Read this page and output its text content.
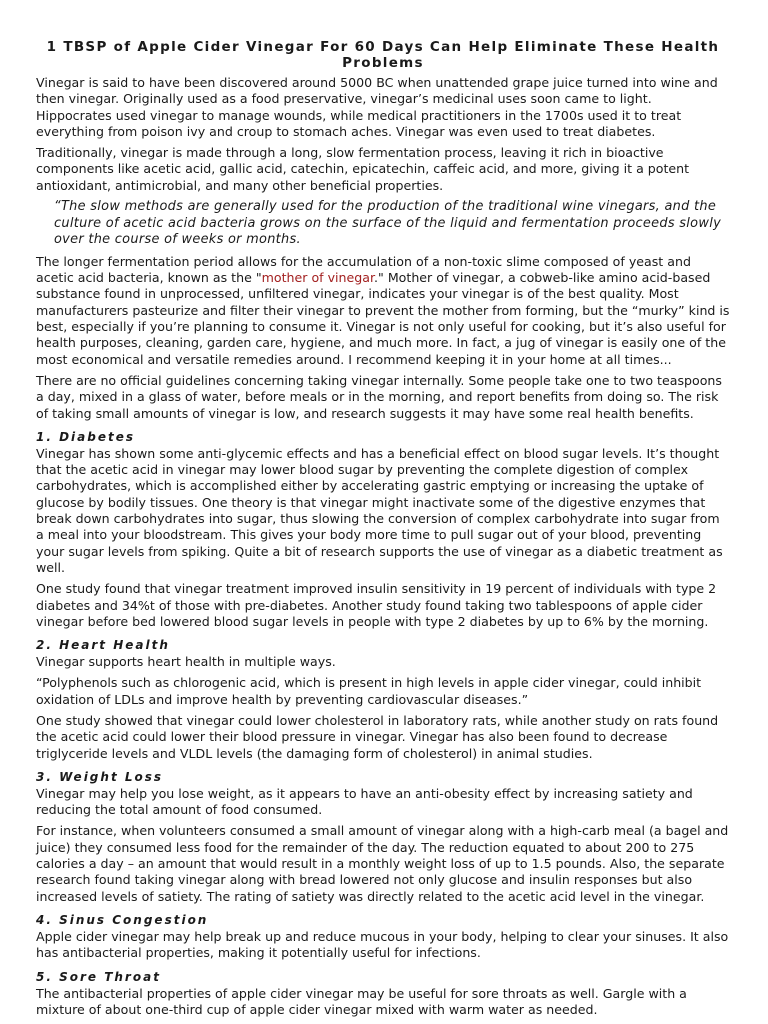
1 TBSP of Apple Cider Vinegar For 60 Days Can Help Eliminate These Health Problems

Vinegar is said to have been discovered around 5000 BC when unattended grape juice turned into wine and then vinegar. Originally used as a food preservative, vinegar’s medicinal uses soon came to light. Hippocrates used vinegar to manage wounds, while medical practitioners in the 1700s used it to treat everything from poison ivy and croup to stomach aches. Vinegar was even used to treat diabetes.

Traditionally, vinegar is made through a long, slow fermentation process, leaving it rich in bioactive components like acetic acid, gallic acid, catechin, epicatechin, caffeic acid, and more, giving it a potent antioxidant, antimicrobial, and many other beneficial properties.

“The slow methods are generally used for the production of the traditional wine vinegars, and the culture of acetic acid bacteria grows on the surface of the liquid and fermentation proceeds slowly over the course of weeks or months.

The longer fermentation period allows for the accumulation of a non-toxic slime composed of yeast and acetic acid bacteria, known as the "mother of vinegar." Mother of vinegar, a cobweb-like amino acid-based substance found in unprocessed, unfiltered vinegar, indicates your vinegar is of the best quality. Most manufacturers pasteurize and filter their vinegar to prevent the mother from forming, but the “murky” kind is best, especially if you’re planning to consume it. Vinegar is not only useful for cooking, but it’s also useful for health purposes, cleaning, garden care, hygiene, and much more. In fact, a jug of vinegar is easily one of the most economical and versatile remedies around. I recommend keeping it in your home at all times...

There are no official guidelines concerning taking vinegar internally. Some people take one to two teaspoons a day, mixed in a glass of water, before meals or in the morning, and report benefits from doing so. The risk of taking small amounts of vinegar is low, and research suggests it may have some real health benefits.

1. Diabetes

Vinegar has shown some anti-glycemic effects and has a beneficial effect on blood sugar levels. It’s thought that the acetic acid in vinegar may lower blood sugar by preventing the complete digestion of complex carbohydrates, which is accomplished either by accelerating gastric emptying or increasing the uptake of glucose by bodily tissues. One theory is that vinegar might inactivate some of the digestive enzymes that break down carbohydrates into sugar, thus slowing the conversion of complex carbohydrate into sugar from a meal into your bloodstream. This gives your body more time to pull sugar out of your blood, preventing your sugar levels from spiking. Quite a bit of research supports the use of vinegar as a diabetic treatment as well.

One study found that vinegar treatment improved insulin sensitivity in 19 percent of individuals with type 2 diabetes and 34%t of those with pre-diabetes. Another study found taking two tablespoons of apple cider vinegar before bed lowered blood sugar levels in people with type 2 diabetes by up to 6% by the morning.

2. Heart Health

Vinegar supports heart health in multiple ways.

“Polyphenols such as chlorogenic acid, which is present in high levels in apple cider vinegar, could inhibit oxidation of LDLs and improve health by preventing cardiovascular diseases.”

One study showed that vinegar could lower cholesterol in laboratory rats, while another study on rats found the acetic acid could lower their blood pressure in vinegar. Vinegar has also been found to decrease triglyceride levels and VLDL levels (the damaging form of cholesterol) in animal studies.

3. Weight Loss

Vinegar may help you lose weight, as it appears to have an anti-obesity effect by increasing satiety and reducing the total amount of food consumed.

For instance, when volunteers consumed a small amount of vinegar along with a high-carb meal (a bagel and juice) they consumed less food for the remainder of the day. The reduction equated to about 200 to 275 calories a day – an amount that would result in a monthly weight loss of up to 1.5 pounds. Also, the separate research found taking vinegar along with bread lowered not only glucose and insulin responses but also increased levels of satiety. The rating of satiety was directly related to the acetic acid level in the vinegar.

4. Sinus Congestion

Apple cider vinegar may help break up and reduce mucous in your body, helping to clear your sinuses. It also has antibacterial properties, making it potentially useful for infections.

5. Sore Throat

The antibacterial properties of apple cider vinegar may be useful for sore throats as well. Gargle with a mixture of about one-third cup of apple cider vinegar mixed with warm water as needed.
